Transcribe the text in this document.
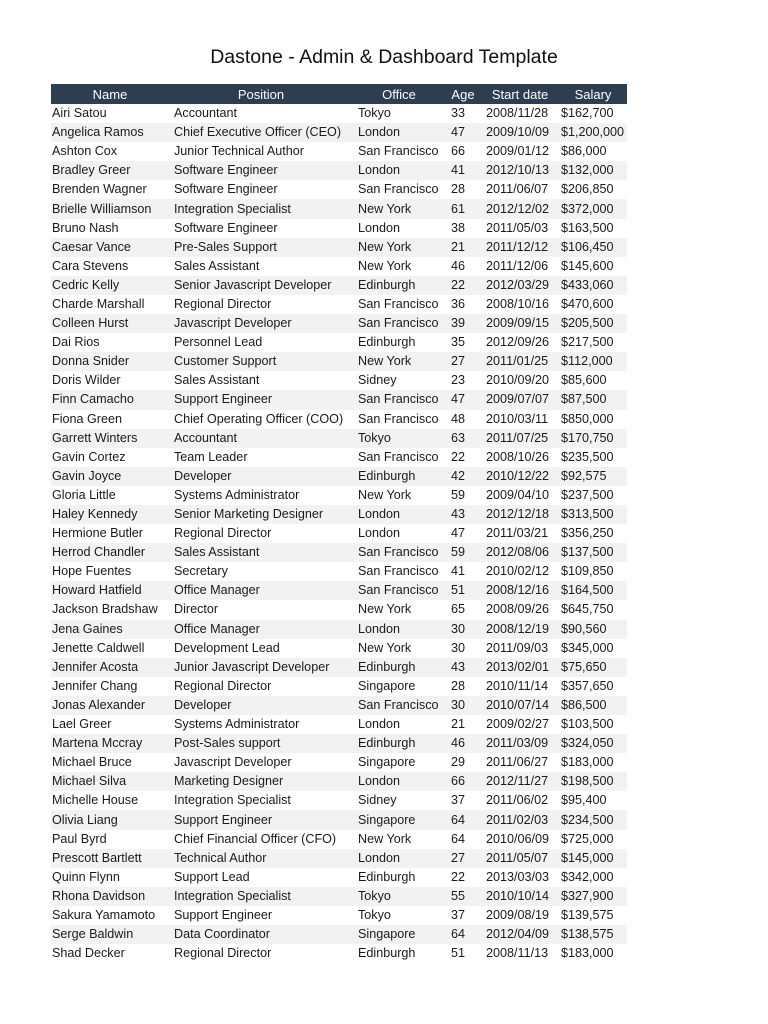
Dastone - Admin & Dashboard Template
Name	Position	Office	Age	Start date	Salary
Airi Satou	Accountant	Tokyo	33	2008/11/28	$162,700
Angelica Ramos	Chief Executive Officer (CEO)	London	47	2009/10/09	$1,200,000
Ashton Cox	Junior Technical Author	San Francisco	66	2009/01/12	$86,000
Bradley Greer	Software Engineer	London	41	2012/10/13	$132,000
Brenden Wagner	Software Engineer	San Francisco	28	2011/06/07	$206,850
Brielle Williamson	Integration Specialist	New York	61	2012/12/02	$372,000
Bruno Nash	Software Engineer	London	38	2011/05/03	$163,500
Caesar Vance	Pre-Sales Support	New York	21	2011/12/12	$106,450
Cara Stevens	Sales Assistant	New York	46	2011/12/06	$145,600
Cedric Kelly	Senior Javascript Developer	Edinburgh	22	2012/03/29	$433,060
Charde Marshall	Regional Director	San Francisco	36	2008/10/16	$470,600
Colleen Hurst	Javascript Developer	San Francisco	39	2009/09/15	$205,500
Dai Rios	Personnel Lead	Edinburgh	35	2012/09/26	$217,500
Donna Snider	Customer Support	New York	27	2011/01/25	$112,000
Doris Wilder	Sales Assistant	Sidney	23	2010/09/20	$85,600
Finn Camacho	Support Engineer	San Francisco	47	2009/07/07	$87,500
Fiona Green	Chief Operating Officer (COO)	San Francisco	48	2010/03/11	$850,000
Garrett Winters	Accountant	Tokyo	63	2011/07/25	$170,750
Gavin Cortez	Team Leader	San Francisco	22	2008/10/26	$235,500
Gavin Joyce	Developer	Edinburgh	42	2010/12/22	$92,575
Gloria Little	Systems Administrator	New York	59	2009/04/10	$237,500
Haley Kennedy	Senior Marketing Designer	London	43	2012/12/18	$313,500
Hermione Butler	Regional Director	London	47	2011/03/21	$356,250
Herrod Chandler	Sales Assistant	San Francisco	59	2012/08/06	$137,500
Hope Fuentes	Secretary	San Francisco	41	2010/02/12	$109,850
Howard Hatfield	Office Manager	San Francisco	51	2008/12/16	$164,500
Jackson Bradshaw	Director	New York	65	2008/09/26	$645,750
Jena Gaines	Office Manager	London	30	2008/12/19	$90,560
Jenette Caldwell	Development Lead	New York	30	2011/09/03	$345,000
Jennifer Acosta	Junior Javascript Developer	Edinburgh	43	2013/02/01	$75,650
Jennifer Chang	Regional Director	Singapore	28	2010/11/14	$357,650
Jonas Alexander	Developer	San Francisco	30	2010/07/14	$86,500
Lael Greer	Systems Administrator	London	21	2009/02/27	$103,500
Martena Mccray	Post-Sales support	Edinburgh	46	2011/03/09	$324,050
Michael Bruce	Javascript Developer	Singapore	29	2011/06/27	$183,000
Michael Silva	Marketing Designer	London	66	2012/11/27	$198,500
Michelle House	Integration Specialist	Sidney	37	2011/06/02	$95,400
Olivia Liang	Support Engineer	Singapore	64	2011/02/03	$234,500
Paul Byrd	Chief Financial Officer (CFO)	New York	64	2010/06/09	$725,000
Prescott Bartlett	Technical Author	London	27	2011/05/07	$145,000
Quinn Flynn	Support Lead	Edinburgh	22	2013/03/03	$342,000
Rhona Davidson	Integration Specialist	Tokyo	55	2010/10/14	$327,900
Sakura Yamamoto	Support Engineer	Tokyo	37	2009/08/19	$139,575
Serge Baldwin	Data Coordinator	Singapore	64	2012/04/09	$138,575
Shad Decker	Regional Director	Edinburgh	51	2008/11/13	$183,000
